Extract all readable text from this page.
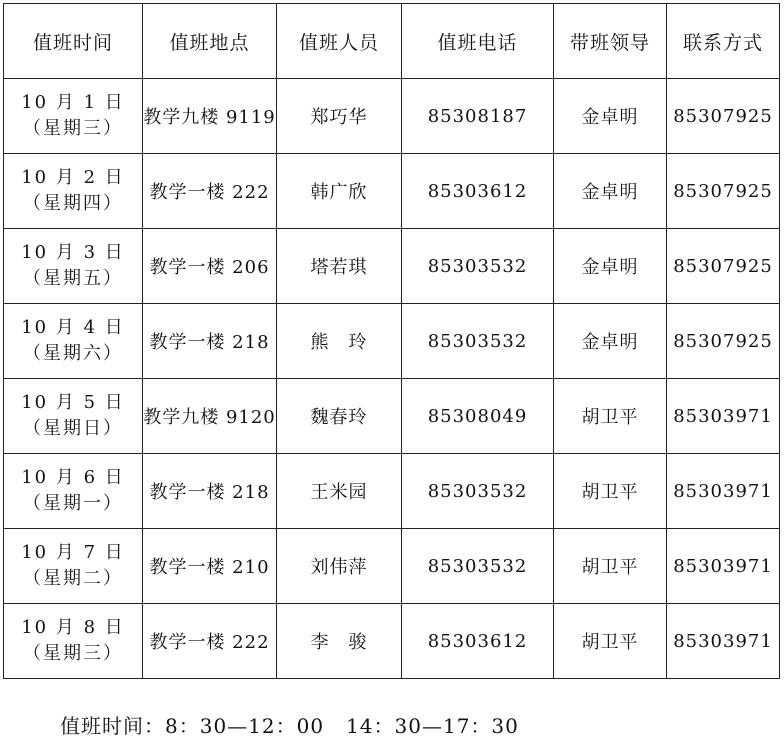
值班时间	值班地点	值班人员	值班电话	带班领导	联系方式

10 月 1 日
（星期三）	教学九楼 9119	郑巧华	85308187	金卓明	85307925

10 月 2 日
（星期四）	教学一楼 222	韩广欣	85303612	金卓明	85307925

10 月 3 日
（星期五）	教学一楼 206	塔若琪	85303532	金卓明	85307925

10 月 4 日
（星期六）	教学一楼 218	熊　玲	85303532	金卓明	85307925

10 月 5 日
（星期日）	教学九楼 9120	魏春玲	85308049	胡卫平	85303971

10 月 6 日
（星期一）	教学一楼 218	王米园	85303532	胡卫平	85303971

10 月 7 日
（星期二）	教学一楼 210	刘伟萍	85303532	胡卫平	85303971

10 月 8 日
（星期三）	教学一楼 222	李　骏	85303612	胡卫平	85303971
值班时间：8：30—12：00 14：30—17：30
